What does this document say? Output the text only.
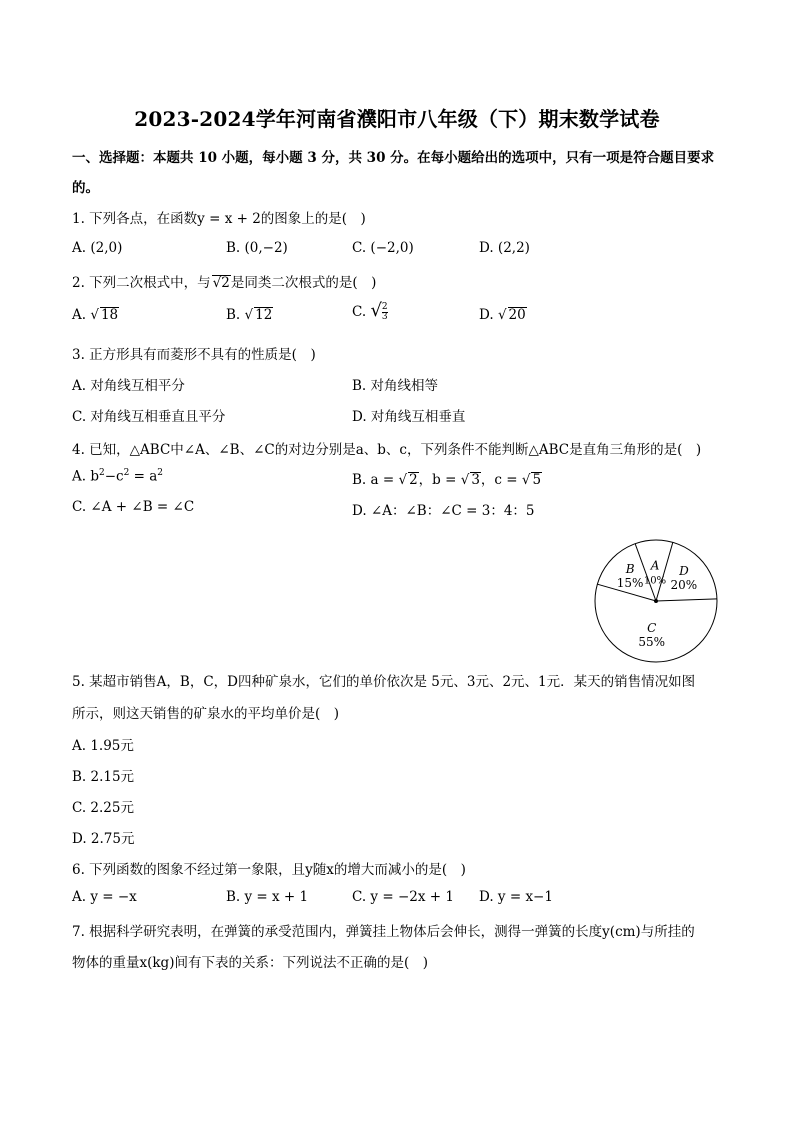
2023-2024学年河南省濮阳市八年级（下）期末数学试卷
一、选择题：本题共 10 小题，每小题 3 分，共 30 分。在每小题给出的选项中，只有一项是符合题目要求
的。
1. 下列各点，在函数y = x + 2的图象上的是(　)
A. (2,0)	B. (0,−2)	C. (−2,0)	D. (2,2)
2. 下列二次根式中，与 √ 2是同类二次根式的是(　)
A. √ 18	B. √ 12	C. √ $\frac{2}{3}$	D. √ 20
3. 正方形具有而菱形不具有的性质是(　)
A. 对角线互相平分	B. 对角线相等
C. 对角线互相垂直且平分	D. 对角线互相垂直
4. 已知，△ABC中∠A、∠B、∠C的对边分别是a、b、c，下列条件不能判断△ABC是直角三角形的是(　)
A. $b^2-c^2 = a^2$	B. a = √ 2，b = √ 3，c = √ 5
C. ∠A + ∠B = ∠C	D. ∠A：∠B：∠C = 3：4：5
A
10%
D
20%
C
55%
B
15%
5. 某超市销售A，B，C，D四种矿泉水，它们的单价依次是 5元、3元、2元、1元．某天的销售情况如图
所示，则这天销售的矿泉水的平均单价是(　)
A. 1.95元
B. 2.15元
C. 2.25元
D. 2.75元
6. 下列函数的图象不经过第一象限，且y随x的增大而减小的是(　)
A. y = −x	B. y = x + 1	C. y = −2x + 1 D. y = x−1
7. 根据科学研究表明，在弹簧的承受范围内，弹簧挂上物体后会伸长，测得一弹簧的长度y(cm)与所挂的
物体的重量x(kg)间有下表的关系：下列说法不正确的是(　)
